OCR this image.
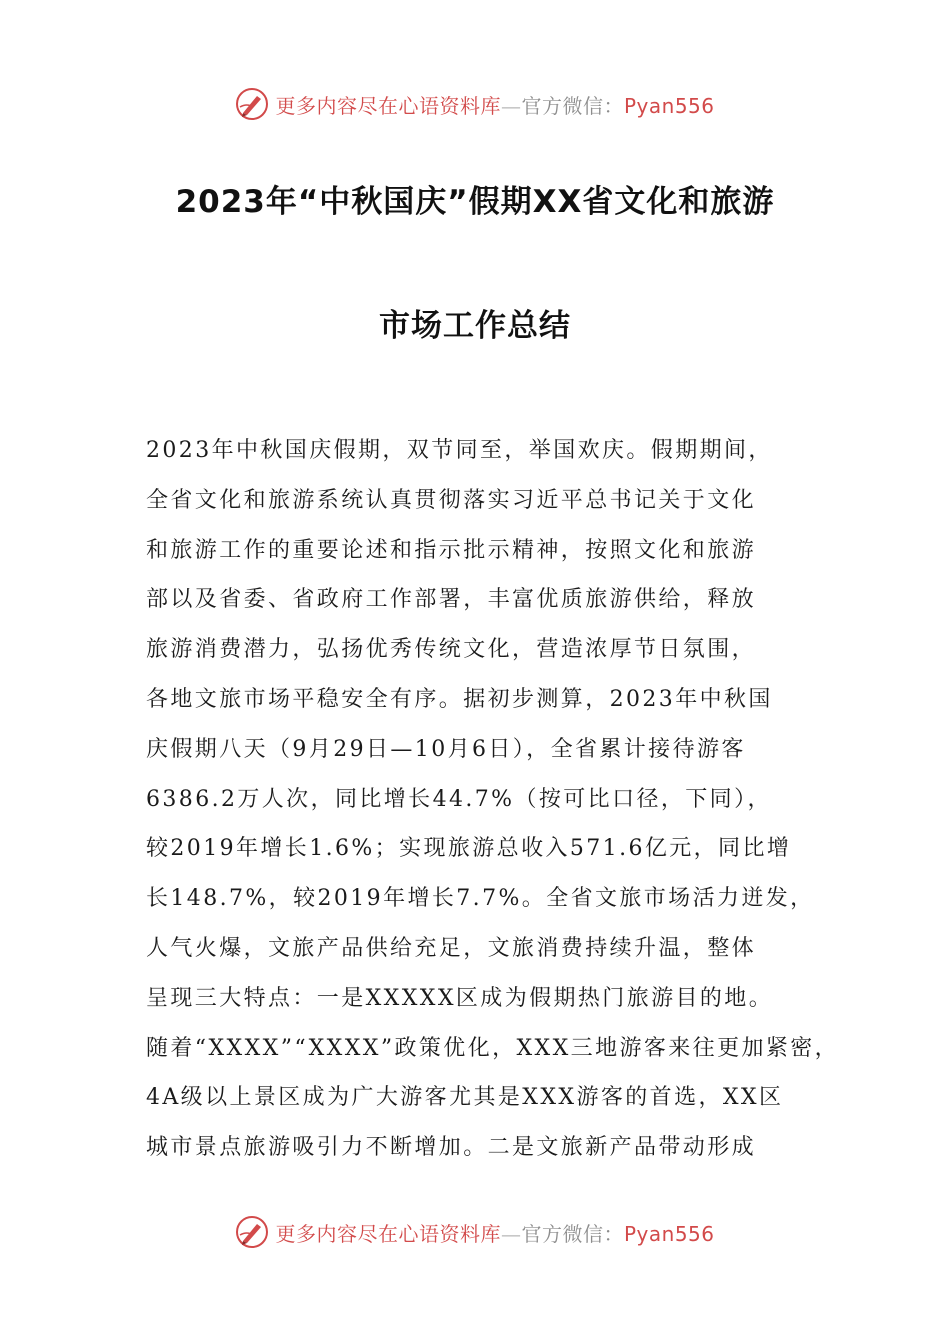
更多内容尽在心语资料库—官方微信：Pyan556
2023年“中秋国庆”假期XX省文化和旅游
市场工作总结
2023年中秋国庆假期，双节同至，举国欢庆。假期期间，
全省文化和旅游系统认真贯彻落实习近平总书记关于文化
和旅游工作的重要论述和指示批示精神，按照文化和旅游
部以及省委、省政府工作部署，丰富优质旅游供给，释放
旅游消费潜力，弘扬优秀传统文化，营造浓厚节日氛围，
各地文旅市场平稳安全有序。据初步测算，2023年中秋国
庆假期八天（9月29日—10月6日），全省累计接待游客
6386.2万人次，同比增长44.7%（按可比口径，下同），
较2019年增长1.6%；实现旅游总收入571.6亿元，同比增
长148.7%，较2019年增长7.7%。全省文旅市场活力迸发，
人气火爆，文旅产品供给充足，文旅消费持续升温，整体
呈现三大特点：一是XXXXX区成为假期热门旅游目的地。
随着“XXXX”“XXXX”政策优化，XXX三地游客来往更加紧密，
4A级以上景区成为广大游客尤其是XXX游客的首选，XX区
城市景点旅游吸引力不断增加。二是文旅新产品带动形成
更多内容尽在心语资料库—官方微信：Pyan556
